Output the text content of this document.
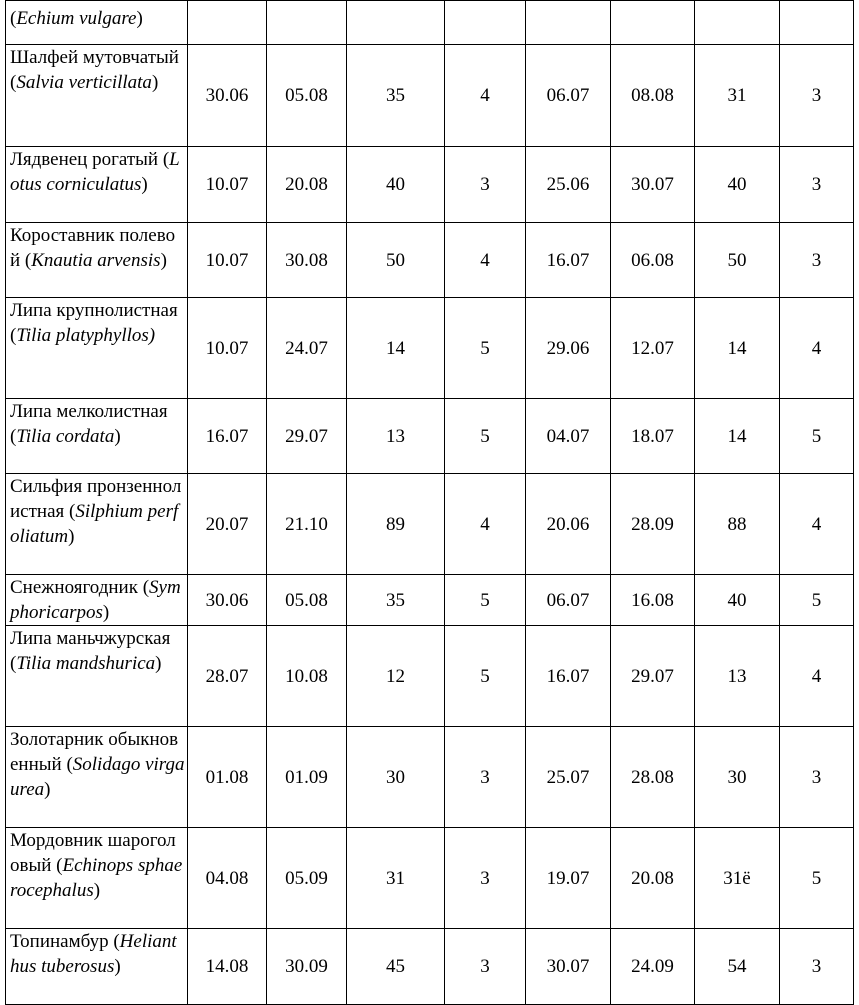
(Echium vulgare)								
Шалфей мутовчатый (Salvia verticillata)	30.06	05.08	35	4	06.07	08.08	31	3
Лядвенец рогатый (Lotus corniculatus)	10.07	20.08	40	3	25.06	30.07	40	3
Короставник полевой (Knautia arvensis)	10.07	30.08	50	4	16.07	06.08	50	3
Липа крупнолистная (Tilia platyphyllos)	10.07	24.07	14	5	29.06	12.07	14	4
Липа мелколистная (Tilia cordata)	16.07	29.07	13	5	04.07	18.07	14	5
Сильфия пронзеннолистная (Silphium perfoliatum)	20.07	21.10	89	4	20.06	28.09	88	4
Снежноягодник (Symphoricarpos)	30.06	05.08	35	5	06.07	16.08	40	5
Липа маньчжурская (Tilia mandshurica)	28.07	10.08	12	5	16.07	29.07	13	4
Золотарник обыкновенный (Solidago virgaurea)	01.08	01.09	30	3	25.07	28.08	30	3
Мордовник шароголовый (Echinops sphaerocephalus)	04.08	05.09	31	3	19.07	20.08	31ё	5
Топинамбур (Helianthus tuberosus)	14.08	30.09	45	3	30.07	24.09	54	3
